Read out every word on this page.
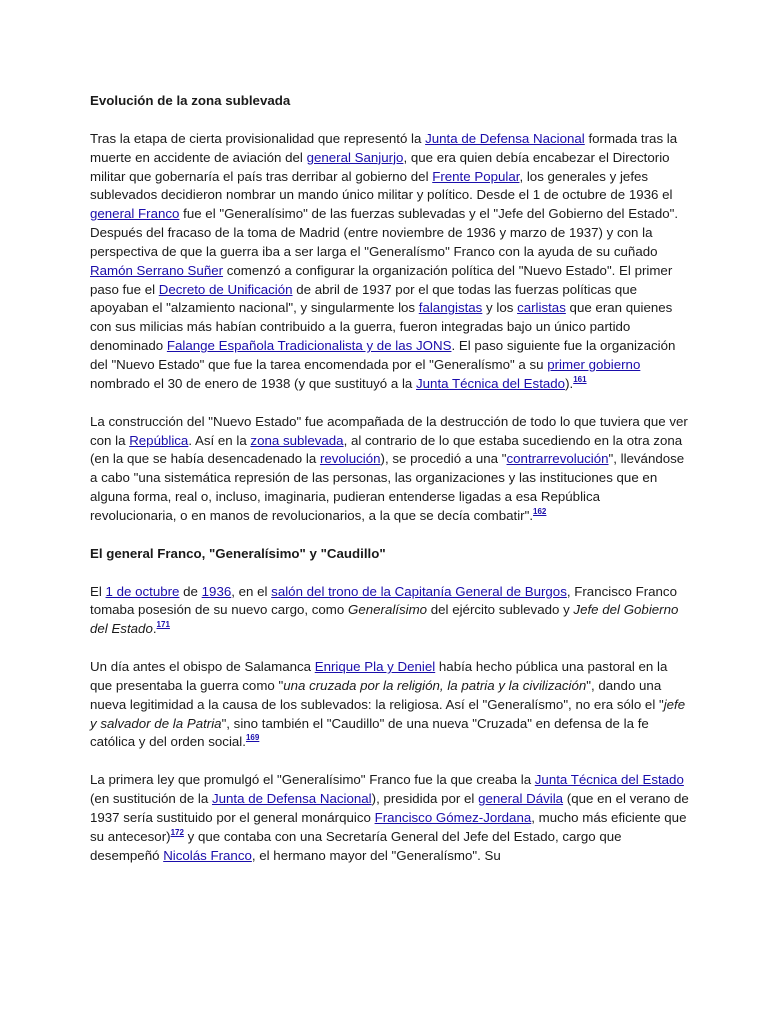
Evolución de la zona sublevada

Tras la etapa de cierta provisionalidad que representó la Junta de Defensa Nacional formada tras la muerte en accidente de aviación del general Sanjurjo, que era quien debía encabezar el Directorio militar que gobernaría el país tras derribar al gobierno del Frente Popular, los generales y jefes sublevados decidieron nombrar un mando único militar y político. Desde el 1 de octubre de 1936 el general Franco fue el "Generalísimo" de las fuerzas sublevadas y el "Jefe del Gobierno del Estado". Después del fracaso de la toma de Madrid (entre noviembre de 1936 y marzo de 1937) y con la perspectiva de que la guerra iba a ser larga el "Generalísmo" Franco con la ayuda de su cuñado Ramón Serrano Suñer comenzó a configurar la organización política del "Nuevo Estado". El primer paso fue el Decreto de Unificación de abril de 1937 por el que todas las fuerzas políticas que apoyaban el "alzamiento nacional", y singularmente los falangistas y los carlistas que eran quienes con sus milicias más habían contribuido a la guerra, fueron integradas bajo un único partido denominado Falange Española Tradicionalista y de las JONS. El paso siguiente fue la organización del "Nuevo Estado" que fue la tarea encomendada por el "Generalísmo" a su primer gobierno nombrado el 30 de enero de 1938 (y que sustituyó a la Junta Técnica del Estado).$^{161}$

La construcción del "Nuevo Estado" fue acompañada de la destrucción de todo lo que tuviera que ver con la República. Así en la zona sublevada, al contrario de lo que estaba sucediendo en la otra zona (en la que se había desencadenado la revolución), se procedió a una "contrarrevolución", llevándose a cabo "una sistemática represión de las personas, las organizaciones y las instituciones que en alguna forma, real o, incluso, imaginaria, pudieran entenderse ligadas a esa República revolucionaria, o en manos de revolucionarios, a la que se decía combatir".$^{162}$

El general Franco, "Generalísimo" y "Caudillo"

El 1 de octubre de 1936, en el salón del trono de la Capitanía General de Burgos, Francisco Franco tomaba posesión de su nuevo cargo, como Generalísimo del ejército sublevado y Jefe del Gobierno del Estado.$^{171}$

Un día antes el obispo de Salamanca Enrique Pla y Deniel había hecho pública una pastoral en la que presentaba la guerra como "una cruzada por la religión, la patria y la civilización", dando una nueva legitimidad a la causa de los sublevados: la religiosa. Así el "Generalísmo", no era sólo el "jefe y salvador de la Patria", sino también el "Caudillo" de una nueva "Cruzada" en defensa de la fe católica y del orden social.$^{169}$

La primera ley que promulgó el "Generalísimo" Franco fue la que creaba la Junta Técnica del Estado (en sustitución de la Junta de Defensa Nacional), presidida por el general Dávila (que en el verano de 1937 sería sustituido por el general monárquico Francisco Gómez-Jordana, mucho más eficiente que su antecesor)$^{172}$ y que contaba con una Secretaría General del Jefe del Estado, cargo que desempeñó Nicolás Franco, el hermano mayor del "Generalísmo". Su
